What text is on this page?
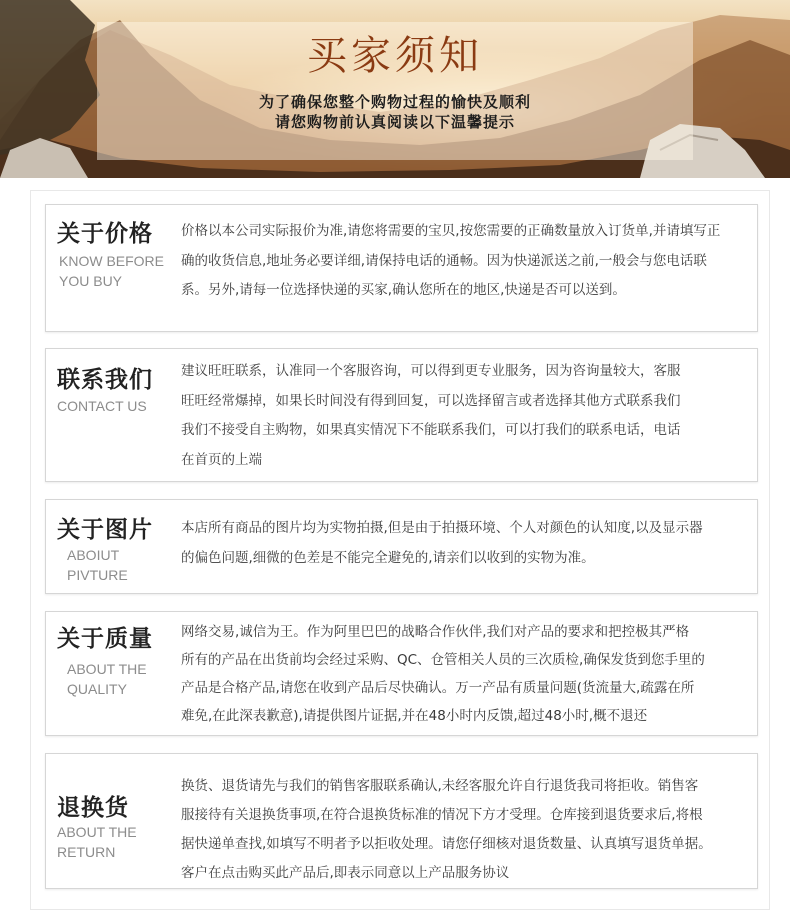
买家须知
为了确保您整个购物过程的愉快及顺利
请您购物前认真阅读以下温馨提示
关于价格
KNOW BEFORE
YOU BUY

价格以本公司实际报价为准,请您将需要的宝贝,按您需要的正确数量放入订货单,并请填写正

确的收货信息,地址务必要详细,请保持电话的通畅。因为快递派送之前,一般会与您电话联

系。另外,请每一位选择快递的买家,确认您所在的地区,快递是否可以送到。

联系我们
CONTACT US

建议旺旺联系，认准同一个客服咨询，可以得到更专业服务，因为咨询量较大，客服

旺旺经常爆掉，如果长时间没有得到回复，可以选择留言或者选择其他方式联系我们

我们不接受自主购物，如果真实情况下不能联系我们，可以打我们的联系电话，电话

在首页的上端

关于图片
ABOIUT
PIVTURE

本店所有商品的图片均为实物拍摄,但是由于拍摄环境、个人对颜色的认知度,以及显示器

的偏色问题,细微的色差是不能完全避免的,请亲们以收到的实物为准。

关于质量
ABOUT THE
QUALITY

网络交易,诚信为王。作为阿里巴巴的战略合作伙伴,我们对产品的要求和把控极其严格

所有的产品在出货前均会经过采购、QC、仓管相关人员的三次质检,确保发货到您手里的

产品是合格产品,请您在收到产品后尽快确认。万一产品有质量问题(货流量大,疏露在所

难免,在此深表歉意),请提供图片证据,并在48小时内反馈,超过48小时,概不退还

退换货
ABOUT THE
RETURN

换货、退货请先与我们的销售客服联系确认,未经客服允许自行退货我司将拒收。销售客

服接待有关退换货事项,在符合退换货标准的情况下方才受理。仓库接到退货要求后,将根

据快递单查找,如填写不明者予以拒收处理。请您仔细核对退货数量、认真填写退货单据。

客户在点击购买此产品后,即表示同意以上产品服务协议
